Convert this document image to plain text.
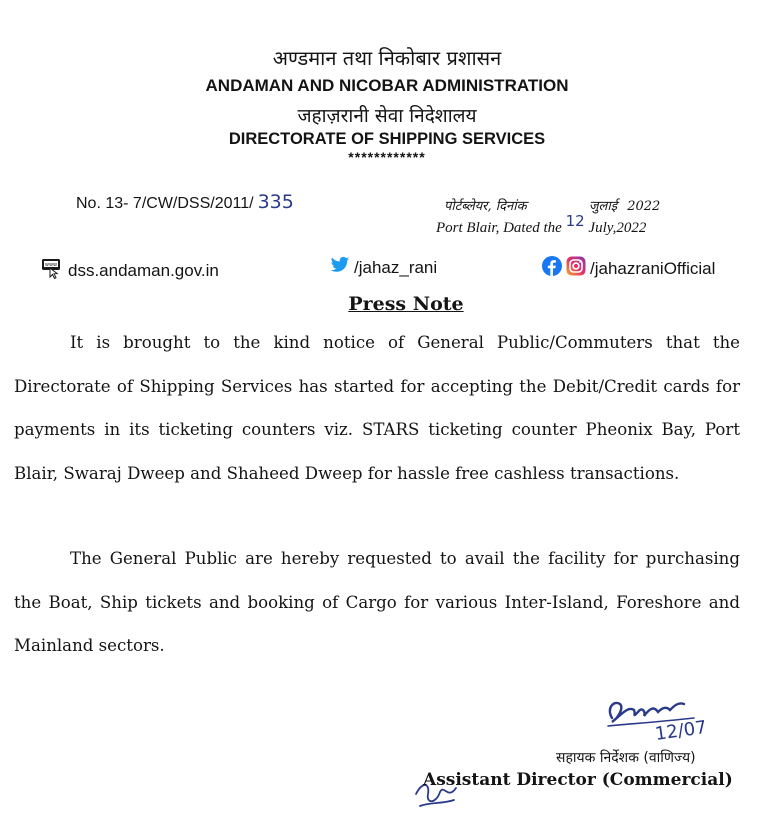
अण्डमान तथा निकोबार प्रशासन
ANDAMAN AND NICOBAR ADMINISTRATION
जहाज़रानी सेवा निदेशालय
DIRECTORATE OF SHIPPING SERVICES
************
No. 13- 7/CW/DSS/2011/ 335	पोर्टब्लेयर, दिनांक	जुलाई 2022
Port Blair, Dated the 12 July,2022
www dss.andaman.gov.in	/jahaz_rani	/jahazraniOfficial
Press Note
It is brought to the kind notice of General Public/Commuters that the Directorate of Shipping Services has started for accepting the Debit/Credit cards for payments in its ticketing counters viz. STARS ticketing counter Pheonix Bay, Port Blair, Swaraj Dweep and Shaheed Dweep for hassle free cashless transactions.
The General Public are hereby requested to avail the facility for purchasing the Boat, Ship tickets and booking of Cargo for various Inter-Island, Foreshore and Mainland sectors.
12/07
सहायक निर्देशक (वाणिज्य)
Assistant Director (Commercial)
